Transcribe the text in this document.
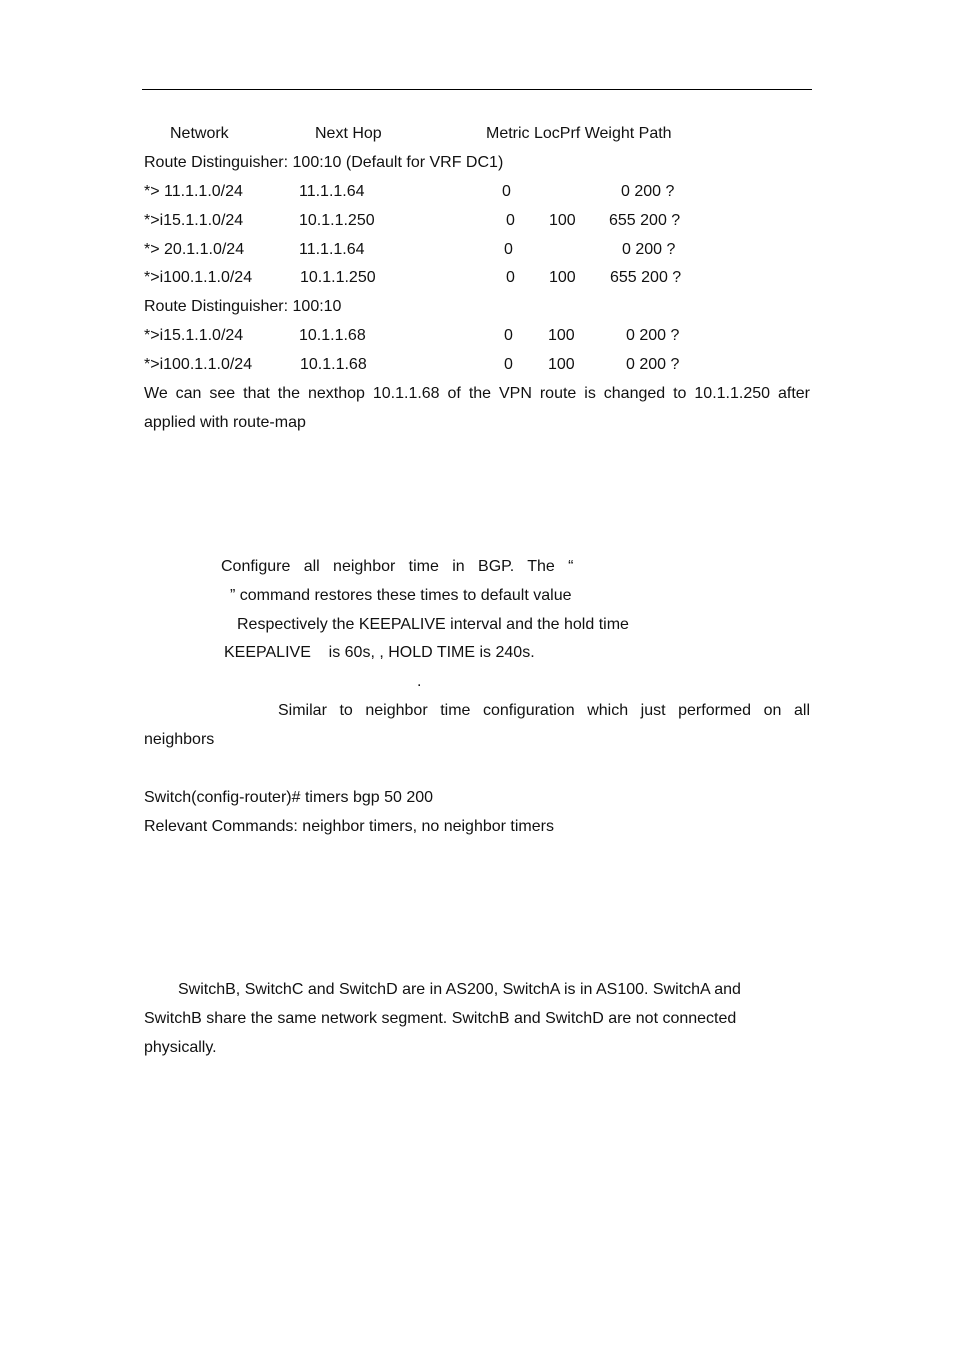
Network	Next Hop	Metric LocPrf Weight Path
Route Distinguisher: 100:10 (Default for VRF DC1)
*> 11.1.1.0/24	11.1.1.64	0	0 200 ?
*>i15.1.1.0/24	10.1.1.250	0 100 655 200 ?
*> 20.1.1.0/24	11.1.1.64	0	0 200 ?
*>i100.1.1.0/24	10.1.1.250	0 100 655 200 ?
Route Distinguisher: 100:10
*>i15.1.1.0/24	10.1.1.68	0 100	0 200 ?
*>i100.1.1.0/24	10.1.1.68	0 100	0 200 ?
We can see that the nexthop 10.1.1.68 of the VPN route is changed to 10.1.1.250 after
applied with route-map
Configure   all   neighbor   time   in   BGP.   The   “
” command restores these times to default value
Respectively the KEEPALIVE interval and the hold time
KEEPALIVE    is 60s, , HOLD TIME is 240s.
.
Similar to neighbor time configuration which just performed on all
neighbors
Switch(config-router)# timers bgp 50 200
Relevant Commands: neighbor timers, no neighbor timers
SwitchB, SwitchC and SwitchD are in AS200, SwitchA is in AS100. SwitchA and
SwitchB share the same network segment. SwitchB and SwitchD are not connected
physically.
